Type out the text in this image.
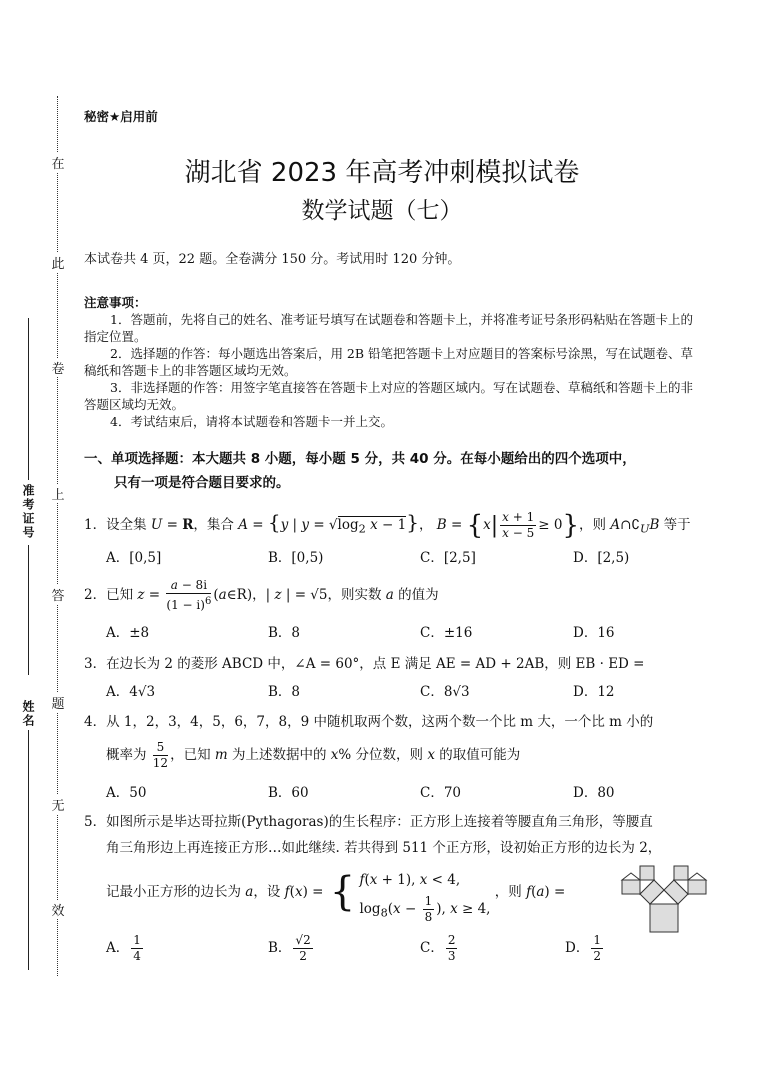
在
此
卷
上
答
题
无
效
准考证号
姓名
秘密★启用前
湖北省 2023 年高考冲刺模拟试卷
数学试题（七）
本试卷共 4 页，22 题。全卷满分 150 分。考试用时 120 分钟。
注意事项：
1．答题前，先将自己的姓名、准考证号填写在试题卷和答题卡上，并将准考证号条形码粘贴在答题卡上的指定位置。
2．选择题的作答：每小题选出答案后，用 2B 铅笔把答题卡上对应题目的答案标号涂黑，写在试题卷、草稿纸和答题卡上的非答题区域均无效。
3．非选择题的作答：用签字笔直接答在答题卡上对应的答题区域内。写在试题卷、草稿纸和答题卡上的非答题区域均无效。
4．考试结束后，请将本试题卷和答题卡一并上交。
一、单项选择题：本大题共 8 小题，每小题 5 分，共 40 分。在每小题给出的四个选项中，
只有一项是符合题目要求的。
1．设全集 U = R，集合 A = {y | $y = √\log_2$ x − 1}， $B = \{x| \frac{x + 1}{x - 5} \ge 0\}$，则 $A\cap∁_UB$ 等于
A．[0,5]	B．[0,5)	C．[2,5]	D．[2,5)
2．已知 $z = \frac{a - 8i}{(1 - i)^6}$ (a∈R)，| z | = √5，则实数 a 的值为
A．±8	B．8	C．±16	D．16
3．在边长为 2 的菱形 ABCD 中，∠A = 60°，点 E 满足 AE = AD + 2AB，则 EB · ED =
A．4√3	B．8	C．8√3	D．12
4．从 1，2，3，4，5，6，7，8，9 中随机取两个数，这两个数一个比 m 大，一个比 m 小的
概率为 $\frac{5}{12}$ ，已知 m 为上述数据中的 x% 分位数，则 x 的取值可能为
A．50	B．60	C．70	D．80
5．如图所示是毕达哥拉斯(Pythagoras)的生长程序：正方形上连接着等腰直角三角形，等腰直
角三角形边上再连接正方形…如此继续. 若共得到 511 个正方形，设初始正方形的边长为 2，
记最小正方形的边长为 a，设 f(x) = { f(x + 1), x < 4,
$\log_8(x - \frac{1}{8}$ ), x ≥ 4, ，则 f(a) =
A． $\frac{1}{4}$	B． $\frac{√2}{2}$	C． $\frac{2}{3}$	D． $\frac{1}{2}$
